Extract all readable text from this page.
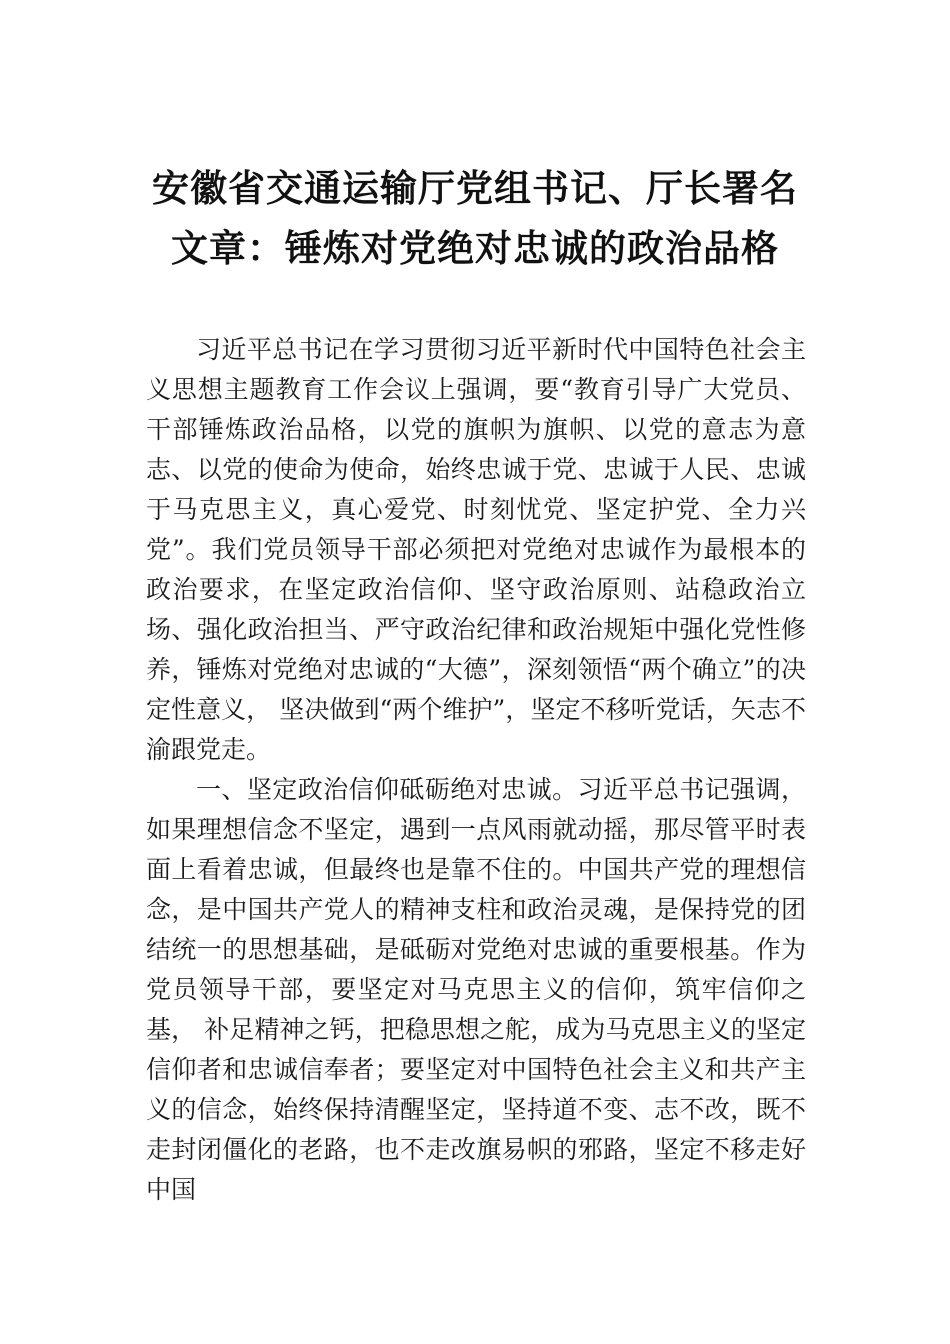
安徽省交通运输厅党组书记、厅长署名文章：锤炼对党绝对忠诚的政治品格

习近平总书记在学习贯彻习近平新时代中国特色社会主义思想主题教育工作会议上强调，要“教育引导广大党员、干部锤炼政治品格，以党的旗帜为旗帜、以党的意志为意志、以党的使命为使命，始终忠诚于党、忠诚于人民、忠诚于马克思主义，真心爱党、时刻忧党、坚定护党、全力兴党”。我们党员领导干部必须把对党绝对忠诚作为最根本的政治要求，在坚定政治信仰、坚守政治原则、站稳政治立场、强化政治担当、严守政治纪律和政治规矩中强化党性修养，锤炼对党绝对忠诚的“大德”，深刻领悟“两个确立”的决定性意义， 坚决做到“两个维护”，坚定不移听党话，矢志不渝跟党走。

一、坚定政治信仰砥砺绝对忠诚。习近平总书记强调，如果理想信念不坚定，遇到一点风雨就动摇，那尽管平时表面上看着忠诚，但最终也是靠不住的。中国共产党的理想信念，是中国共产党人的精神支柱和政治灵魂，是保持党的团结统一的思想基础，是砥砺对党绝对忠诚的重要根基。作为党员领导干部，要坚定对马克思主义的信仰，筑牢信仰之基， 补足精神之钙，把稳思想之舵，成为马克思主义的坚定信仰者和忠诚信奉者；要坚定对中国特色社会主义和共产主义的信念，始终保持清醒坚定，坚持道不变、志不改，既不走封闭僵化的老路，也不走改旗易帜的邪路，坚定不移走好中国
